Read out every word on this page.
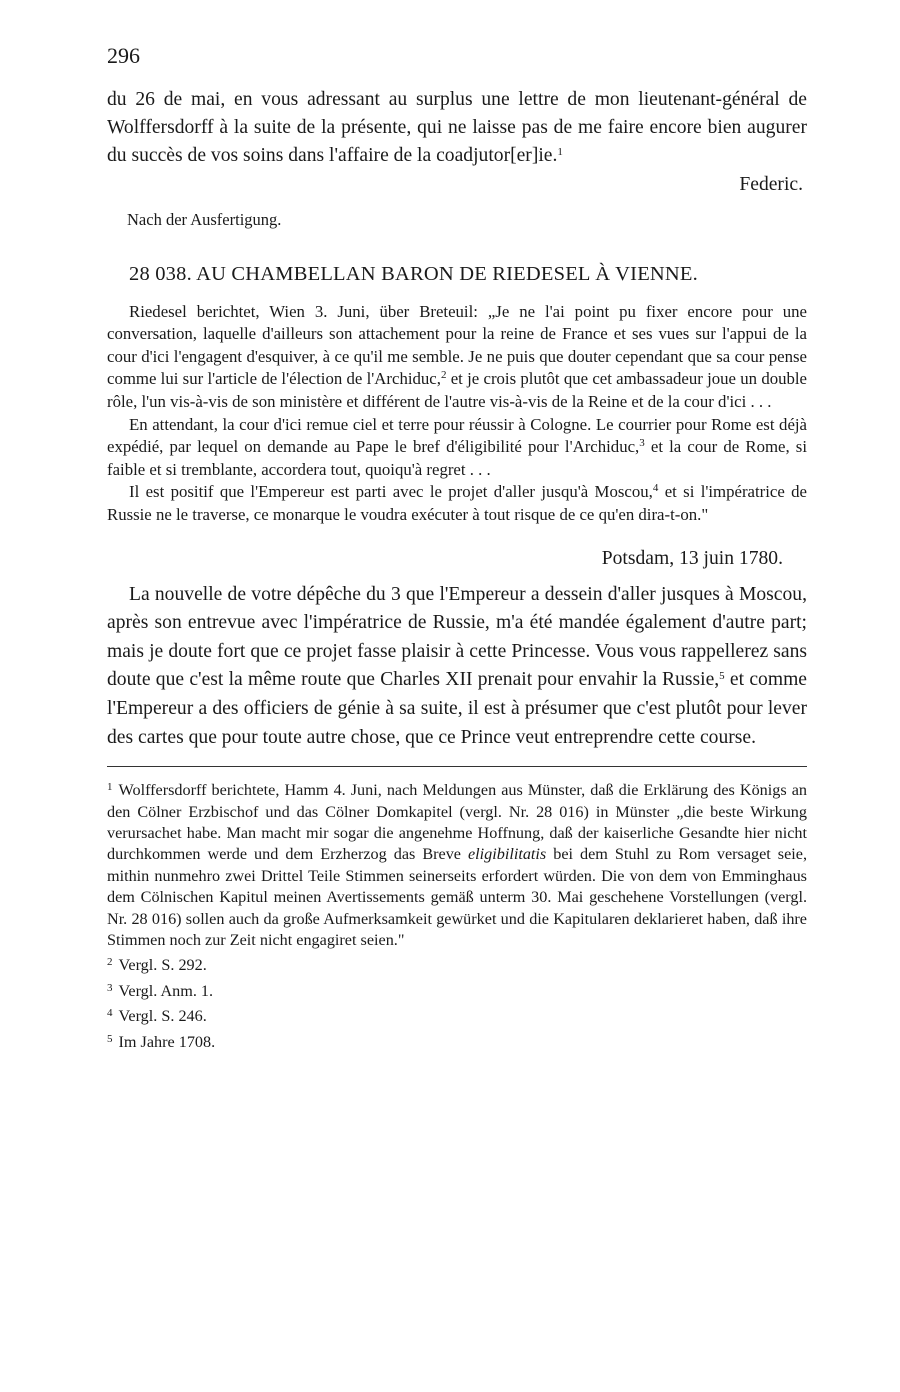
296

du 26 de mai, en vous adressant au surplus une lettre de mon lieutenant-général de Wolffersdorff à la suite de la présente, qui ne laisse pas de me faire encore bien augurer du succès de vos soins dans l'affaire de la coadjutor[er]ie.$^1$

Federic.
Nach der Ausfertigung.
28 038. AU CHAMBELLAN BARON DE RIEDESEL À VIENNE.

Riedesel berichtet, Wien 3. Juni, über Breteuil: „Je ne l'ai point pu fixer encore pour une conversation, laquelle d'ailleurs son attachement pour la reine de France et ses vues sur l'appui de la cour d'ici l'engagent d'esquiver, à ce qu'il me semble. Je ne puis que douter cependant que sa cour pense comme lui sur l'article de l'élection de l'Archiduc,$^2$ et je crois plutôt que cet ambassadeur joue un double rôle, l'un vis-à-vis de son ministère et différent de l'autre vis-à-vis de la Reine et de la cour d'ici . . .

En attendant, la cour d'ici remue ciel et terre pour réussir à Cologne. Le courrier pour Rome est déjà expédié, par lequel on demande au Pape le bref d'éligibilité pour l'Archiduc,$^3$ et la cour de Rome, si faible et si tremblante, accordera tout, quoiqu'à regret . . .

Il est positif que l'Empereur est parti avec le projet d'aller jusqu'à Moscou,$^4$ et si l'impératrice de Russie ne le traverse, ce monarque le voudra exécuter à tout risque de ce qu'en dira-t-on."

Potsdam, 13 juin 1780.

La nouvelle de votre dépêche du 3 que l'Empereur a dessein d'aller jusques à Moscou, après son entrevue avec l'impératrice de Russie, m'a été mandée également d'autre part; mais je doute fort que ce projet fasse plaisir à cette Princesse. Vous vous rappellerez sans doute que c'est la même route que Charles XII prenait pour envahir la Russie,$^5$ et comme l'Empereur a des officiers de génie à sa suite, il est à présumer que c'est plutôt pour lever des cartes que pour toute autre chose, que ce Prince veut entreprendre cette course.

$^1$ Wolffersdorff berichtete, Hamm 4. Juni, nach Meldungen aus Münster, daß die Erklärung des Königs an den Cölner Erzbischof und das Cölner Domkapitel (vergl. Nr. 28 016) in Münster „die beste Wirkung verursachet habe. Man macht mir sogar die angenehme Hoffnung, daß der kaiserliche Gesandte hier nicht durchkommen werde und dem Erzherzog das Breve eligibilitatis bei dem Stuhl zu Rom versaget seie, mithin nunmehro zwei Drittel Teile Stimmen seinerseits erfordert würden. Die von dem von Emminghaus dem Cölnischen Kapitul meinen Avertissements gemäß unterm 30. Mai geschehene Vorstellungen (vergl. Nr. 28 016) sollen auch da große Aufmerksamkeit gewürket und die Kapitularen deklarieret haben, daß ihre Stimmen noch zur Zeit nicht engagiret seien."

$^2$ Vergl. S. 292.

$^3$ Vergl. Anm. 1.

$^4$ Vergl. S. 246.

$^5$ Im Jahre 1708.
